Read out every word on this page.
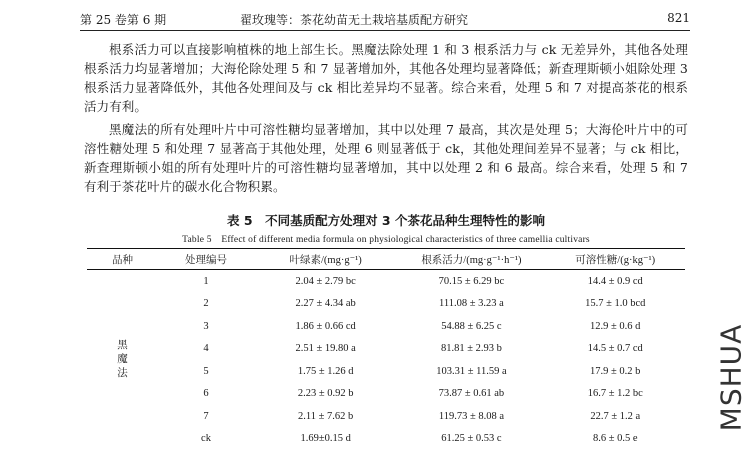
第 25 卷第 6 期	翟玫瑰等：茶花幼苗无土栽培基质配方研究	821

根系活力可以直接影响植株的地上部生长。黑魔法除处理 1 和 3 根系活力与 ck 无差异外，其他各处理根系活力均显著增加；大海伦除处理 5 和 7 显著增加外，其他各处理均显著降低；新查理斯顿小姐除处理 3 根系活力显著降低外，其他各处理间及与 ck 相比差异均不显著。综合来看，处理 5 和 7 对提高茶花的根系活力有利。

黑魔法的所有处理叶片中可溶性糖均显著增加，其中以处理 7 最高，其次是处理 5；大海伦叶片中的可溶性糖处理 5 和处理 7 显著高于其他处理，处理 6 则显著低于 ck，其他处理间差异不显著；与 ck 相比，新查理斯顿小姐的所有处理叶片的可溶性糖均显著增加，其中以处理 2 和 6 最高。综合来看，处理 5 和 7 有利于茶花叶片的碳水化合物积累。

表 5　不同基质配方处理对 3 个茶花品种生理特性的影响
Table 5　Effect of different media formula on physiological characteristics of three camellia cultivars
品种	处理编号	叶绿素/(mg·g⁻¹)	根系活力/(mg·g⁻¹·h⁻¹)	可溶性糖/(g·kg⁻¹)
黑魔法	1	2.04 ± 2.79 bc	70.15 ± 6.29 bc	14.4 ± 0.9 cd
	2	2.27 ± 4.34 ab	111.08 ± 3.23 a	15.7 ± 1.0 bcd
	3	1.86 ± 0.66 cd	54.88 ± 6.25 c	12.9 ± 0.6 d
	4	2.51 ± 19.80 a	81.81 ± 2.93 b	14.5 ± 0.7 cd
	5	1.75 ± 1.26 d	103.31 ± 11.59 a	17.9 ± 0.2 b
	6	2.23 ± 0.92 b	73.87 ± 0.61 ab	16.7 ± 1.2 bc
	7	2.11 ± 7.62 b	119.73 ± 8.08 a	22.7 ± 1.2 a
	ck	1.69±0.15 d	61.25 ± 0.53 c	8.6 ± 0.5 e
MSHUA
